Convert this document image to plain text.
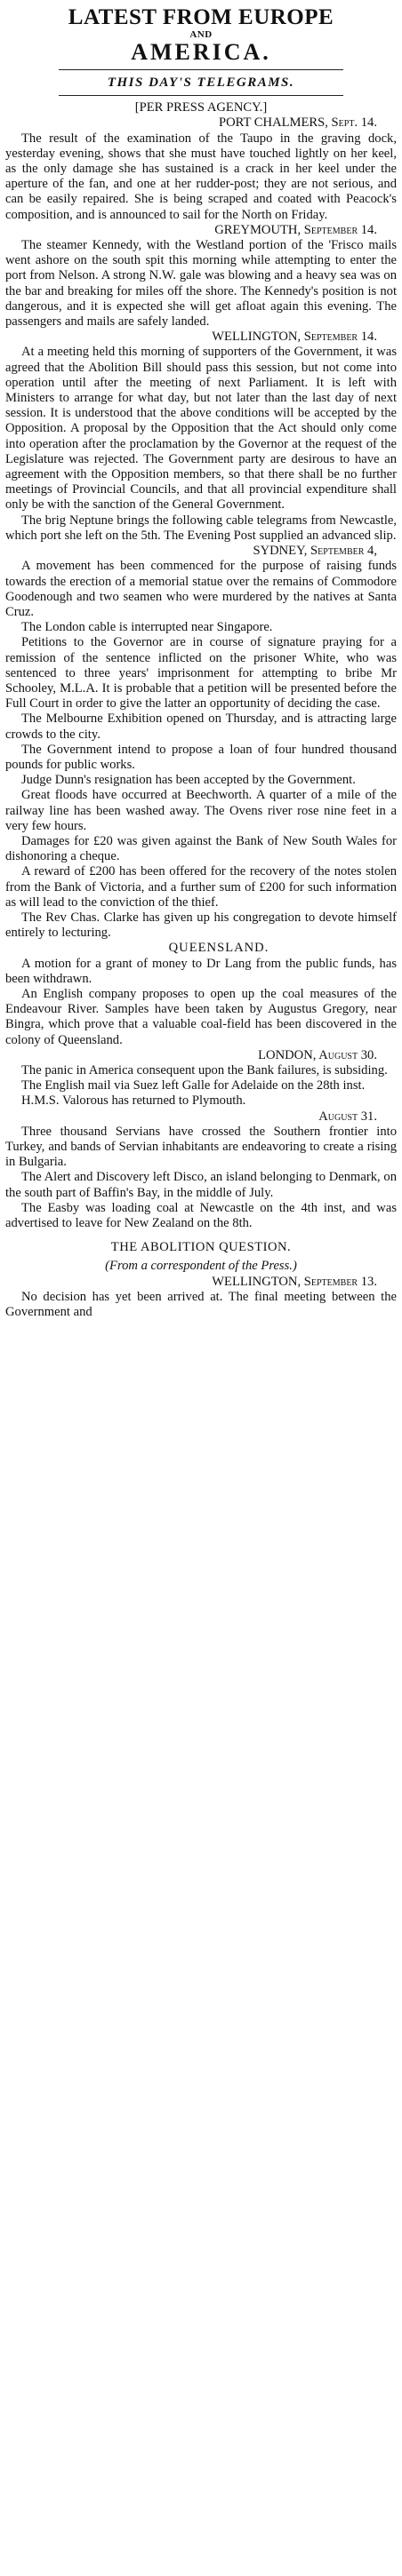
LATEST FROM EUROPE
AND
AMERICA.
THIS DAY'S TELEGRAMS.
[PER PRESS AGENCY.]
PORT CHALMERS, Sept. 14.

The result of the examination of the Taupo in the graving dock, yesterday evening, shows that she must have touched lightly on her keel, as the only damage she has sustained is a crack in her keel under the aperture of the fan, and one at her rudder-post; they are not serious, and can be easily repaired. She is being scraped and coated with Peacock's composition, and is announced to sail for the North on Friday.

GREYMOUTH, September 14.

The steamer Kennedy, with the Westland portion of the 'Frisco mails went ashore on the south spit this morning while attempting to enter the port from Nelson. A strong N.W. gale was blowing and a heavy sea was on the bar and breaking for miles off the shore. The Kennedy's position is not dangerous, and it is expected she will get afloat again this evening. The passengers and mails are safely landed.

WELLINGTON, September 14.

At a meeting held this morning of supporters of the Government, it was agreed that the Abolition Bill should pass this session, but not come into operation until after the meeting of next Parliament. It is left with Ministers to arrange for what day, but not later than the last day of next session. It is understood that the above conditions will be accepted by the Opposition. A proposal by the Opposition that the Act should only come into operation after the proclamation by the Governor at the request of the Legislature was rejected. The Government party are desirous to have an agreement with the Opposition members, so that there shall be no further meetings of Provincial Councils, and that all provincial expenditure shall only be with the sanction of the General Government.

The brig Neptune brings the following cable telegrams from Newcastle, which port she left on the 5th. The Evening Post supplied an advanced slip.

SYDNEY, September 4,

A movement has been commenced for the purpose of raising funds towards the erection of a memorial statue over the remains of Commodore Goodenough and two seamen who were murdered by the natives at Santa Cruz.

The London cable is interrupted near Singapore.

Petitions to the Governor are in course of signature praying for a remission of the sentence inflicted on the prisoner White, who was sentenced to three years' imprisonment for attempting to bribe Mr Schooley, M.L.A. It is probable that a petition will be presented before the Full Court in order to give the latter an opportunity of deciding the case.

The Melbourne Exhibition opened on Thursday, and is attracting large crowds to the city.

The Government intend to propose a loan of four hundred thousand pounds for public works.

Judge Dunn's resignation has been accepted by the Government.

Great floods have occurred at Beechworth. A quarter of a mile of the railway line has been washed away. The Ovens river rose nine feet in a very few hours.

Damages for £20 was given against the Bank of New South Wales for dishonoring a cheque.

A reward of £200 has been offered for the recovery of the notes stolen from the Bank of Victoria, and a further sum of £200 for such information as will lead to the conviction of the thief.

The Rev Chas. Clarke has given up his congregation to devote himself entirely to lecturing.

QUEENSLAND.

A motion for a grant of money to Dr Lang from the public funds, has been withdrawn.

An English company proposes to open up the coal measures of the Endeavour River. Samples have been taken by Augustus Gregory, near Bingra, which prove that a valuable coal-field has been discovered in the colony of Queensland.

LONDON, August 30.

The panic in America consequent upon the Bank failures, is subsiding.

The English mail via Suez left Galle for Adelaide on the 28th inst.

H.M.S. Valorous has returned to Plymouth.

August 31.

Three thousand Servians have crossed the Southern frontier into Turkey, and bands of Servian inhabitants are endeavoring to create a rising in Bulgaria.

The Alert and Discovery left Disco, an island belonging to Denmark, on the south part of Baffin's Bay, in the middle of July.

The Easby was loading coal at Newcastle on the 4th inst, and was advertised to leave for New Zealand on the 8th.

THE ABOLITION QUESTION.
(From a correspondent of the Press.)
WELLINGTON, September 13.

No decision has yet been arrived at. The final meeting between the Government and
